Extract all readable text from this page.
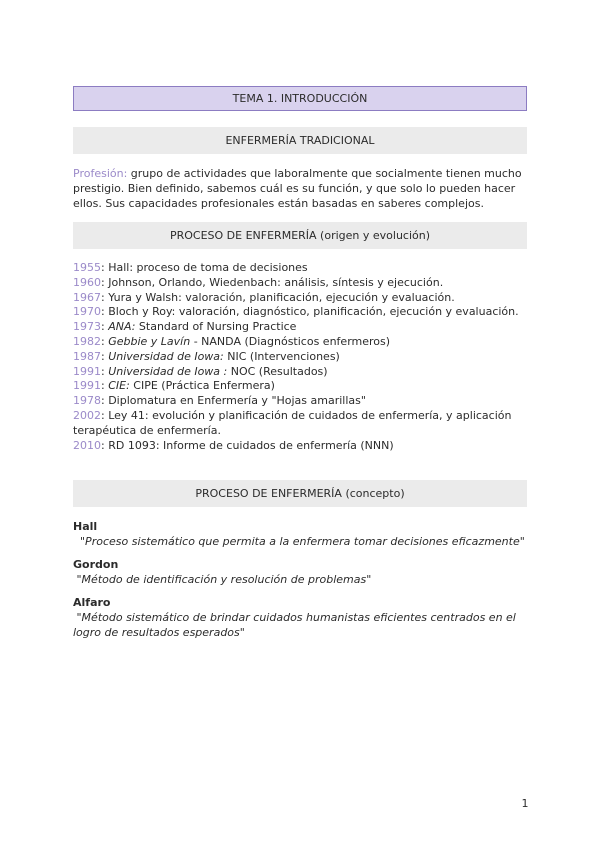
TEMA 1. INTRODUCCIÓN
ENFERMERÍA TRADICIONAL

Profesión: grupo de actividades que laboralmente que socialmente tienen mucho prestigio. Bien definido, sabemos cuál es su función, y que solo lo pueden hacer ellos. Sus capacidades profesionales están basadas en saberes complejos.

PROCESO DE ENFERMERÍA (origen y evolución)
1955: Hall: proceso de toma de decisiones
1960: Johnson, Orlando, Wiedenbach: análisis, síntesis y ejecución.
1967: Yura y Walsh: valoración, planificación, ejecución y evaluación.
1970: Bloch y Roy: valoración, diagnóstico, planificación, ejecución y evaluación.
1973: ANA: Standard of Nursing Practice
1982: Gebbie y Lavín - NANDA (Diagnósticos enfermeros)
1987: Universidad de Iowa: NIC (Intervenciones)
1991: Universidad de Iowa : NOC (Resultados)
1991: CIE: CIPE (Práctica Enfermera)
1978: Diplomatura en Enfermería y "Hojas amarillas"
2002: Ley 41: evolución y planificación de cuidados de enfermería, y aplicación
terapéutica de enfermería.
2010: RD 1093: Informe de cuidados de enfermería (NNN)
PROCESO DE ENFERMERÍA (concepto)

Hall

"Proceso sistemático que permita a la enfermera tomar decisiones eficazmente"

Gordon

"Método de identificación y resolución de problemas"

Alfaro

"Método sistemático de brindar cuidados humanistas eficientes centrados en el logro de resultados esperados"

1
